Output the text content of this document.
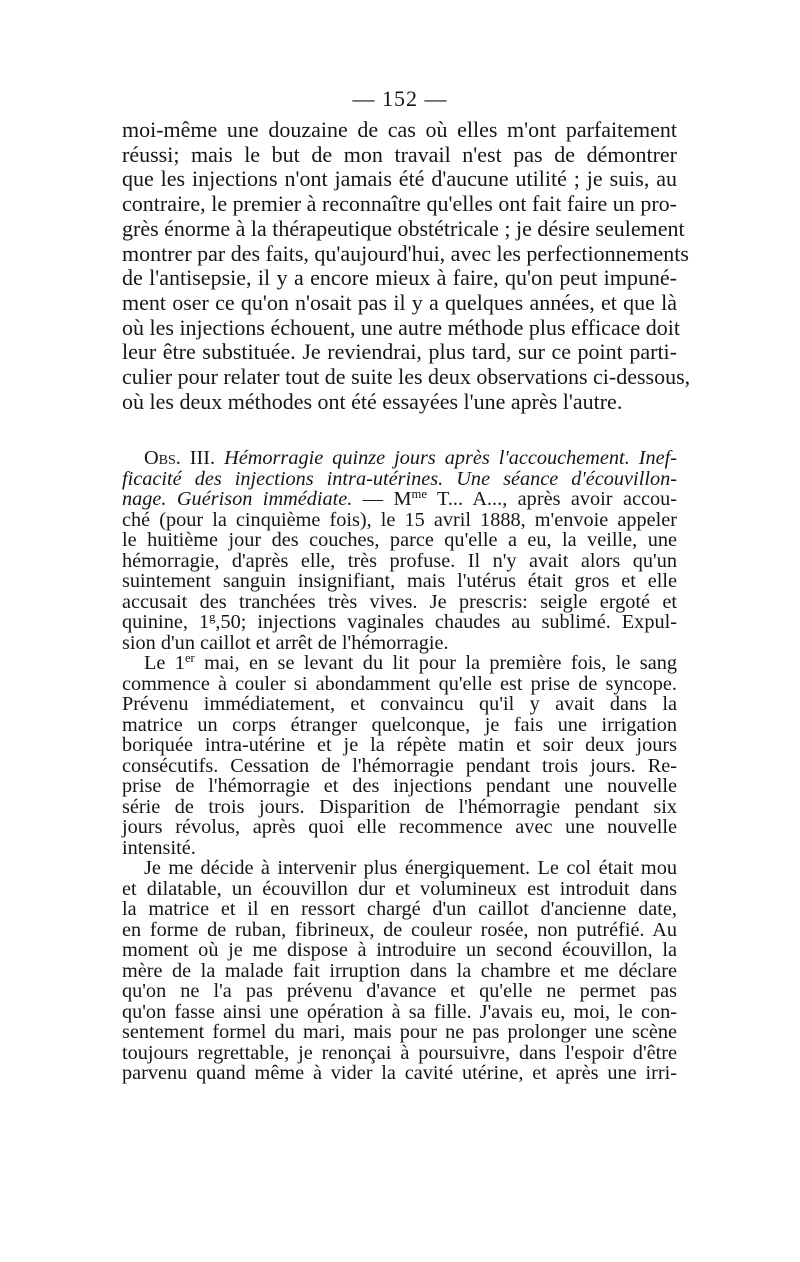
— 152 —
moi-même une douzaine de cas où elles m'ont parfaitement
réussi; mais le but de mon travail n'est pas de démontrer
que les injections n'ont jamais été d'aucune utilité ; je suis, au
contraire, le premier à reconnaître qu'elles ont fait faire un pro-
grès énorme à la thérapeutique obstétricale ; je désire seulement
montrer par des faits, qu'aujourd'hui, avec les perfectionnements
de l'antisepsie, il y a encore mieux à faire, qu'on peut impuné-
ment oser ce qu'on n'osait pas il y a quelques années, et que là
où les injections échouent, une autre méthode plus efficace doit
leur être substituée. Je reviendrai, plus tard, sur ce point parti-
culier pour relater tout de suite les deux observations ci-dessous,
où les deux méthodes ont été essayées l'une après l'autre.
Obs. III. Hémorragie quinze jours après l'accouchement. Inef-
ficacité des injections intra-utérines. Une séance d'écouvillon-
nage. Guérison immédiate. — $M^{me}$ T... A..., après avoir accou-
ché (pour la cinquième fois), le 15 avril 1888, m'envoie appeler
le huitième jour des couches, parce qu'elle a eu, la veille, une
hémorragie, d'après elle, très profuse. Il n'y avait alors qu'un
suintement sanguin insignifiant, mais l'utérus était gros et elle
accusait des tranchées très vives. Je prescris: seigle ergoté et
quinine, 1$^g$,50; injections vaginales chaudes au sublimé. Expul-
sion d'un caillot et arrêt de l'hémorragie.
Le 1er mai, en se levant du lit pour la première fois, le sang
commence à couler si abondamment qu'elle est prise de syncope.
Prévenu immédiatement, et convaincu qu'il y avait dans la
matrice un corps étranger quelconque, je fais une irrigation
boriquée intra-utérine et je la répète matin et soir deux jours
consécutifs. Cessation de l'hémorragie pendant trois jours. Re-
prise de l'hémorragie et des injections pendant une nouvelle
série de trois jours. Disparition de l'hémorragie pendant six
jours révolus, après quoi elle recommence avec une nouvelle
intensité.
Je me décide à intervenir plus énergiquement. Le col était mou
et dilatable, un écouvillon dur et volumineux est introduit dans
la matrice et il en ressort chargé d'un caillot d'ancienne date,
en forme de ruban, fibrineux, de couleur rosée, non putréfié. Au
moment où je me dispose à introduire un second écouvillon, la
mère de la malade fait irruption dans la chambre et me déclare
qu'on ne l'a pas prévenu d'avance et qu'elle ne permet pas
qu'on fasse ainsi une opération à sa fille. J'avais eu, moi, le con-
sentement formel du mari, mais pour ne pas prolonger une scène
toujours regrettable, je renonçai à poursuivre, dans l'espoir d'être
parvenu quand même à vider la cavité utérine, et après une irri-
